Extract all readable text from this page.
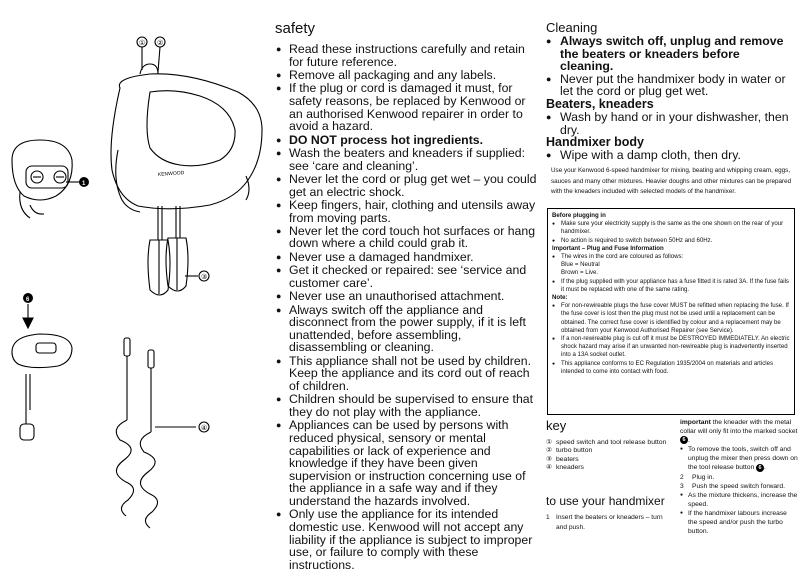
① ②
③
④
1
6
KENWOOD
safety
● Read these instructions carefully and retain for future reference.
● Remove all packaging and any labels.
● If the plug or cord is damaged it must, for safety reasons, be replaced by Kenwood or an authorised Kenwood repairer in order to avoid a hazard.
● DO NOT process hot ingredients.
● Wash the beaters and kneaders if supplied: see ‘care and cleaning’.
● Never let the cord or plug get wet – you could get an electric shock.
● Keep fingers, hair, clothing and utensils away from moving parts.
● Never let the cord touch hot surfaces or hang down where a child could grab it.
● Never use a damaged handmixer.
● Get it checked or repaired: see ‘service and customer care’.
● Never use an unauthorised attachment.
● Always switch off the appliance and disconnect from the power supply, if it is left unattended, before assembling, disassembling or cleaning.
● This appliance shall not be used by children. Keep the appliance and its cord out of reach of children.
● Children should be supervised to ensure that they do not play with the appliance.
● Appliances can be used by persons with reduced physical, sensory or mental capabilities or lack of experience and knowledge if they have been given supervision or instruction concerning use of the appliance in a safe way and if they understand the hazards involved.
● Only use the appliance for its intended domestic use. Kenwood will not accept any liability if the appliance is subject to improper use, or failure to comply with these instructions.
Cleaning
● Always switch off, unplug and remove the beaters or kneaders before cleaning.
● Never put the handmixer body in water or let the cord or plug get wet.
Beaters, kneaders
● Wash by hand or in your dishwasher, then dry.
Handmixer body
● Wipe with a damp cloth, then dry.
Use your Kenwood 6-speed handmixer for mixing, beating and whipping cream, eggs, sauces and many other mixtures. Heavier doughs and other mixtures can be prepared with the kneaders included with selected models of the handmixer.
Before plugging in
● Make sure your electricity supply is the same as the one shown on the rear of your handmixer.
● No action is required to switch between 50Hz and 60Hz.
Important – Plug and Fuse Information
● The wires in the cord are coloured as follows:
Blue = Neutral
Brown = Live.
● If the plug supplied with your appliance has a fuse fitted it is rated 3A. If the fuse fails it must be replaced with one of the same rating.
Note:
● For non-rewireable plugs the fuse cover MUST be refitted when replacing the fuse. If the fuse cover is lost then the plug must not be used until a replacement can be obtained. The correct fuse cover is identified by colour and a replacement may be obtained from your Kenwood Authorised Repairer (see Service).
● If a non-rewireable plug is cut off it must be DESTROYED IMMEDIATELY. An electric shock hazard may arise if an unwanted non-rewireable plug is inadvertently inserted into a 13A socket outlet.
● This appliance conforms to EC Regulation 1935/2004 on materials and articles intended to come into contact with food.
key
① speed switch and tool release button
② turbo button
③ beaters
④ kneaders
to use your handmixer
1 Insert the beaters or kneaders – turn and push.
important the kneader with the metal collar will only fit into the marked socket 6 .
● To remove the tools, switch off and unplug the mixer then press down on the tool release button 6 .
2 Plug in.
3 Push the speed switch forward.
● As the mixture thickens, increase the speed.
● If the handmixer labours increase the speed and/or push the turbo button.
